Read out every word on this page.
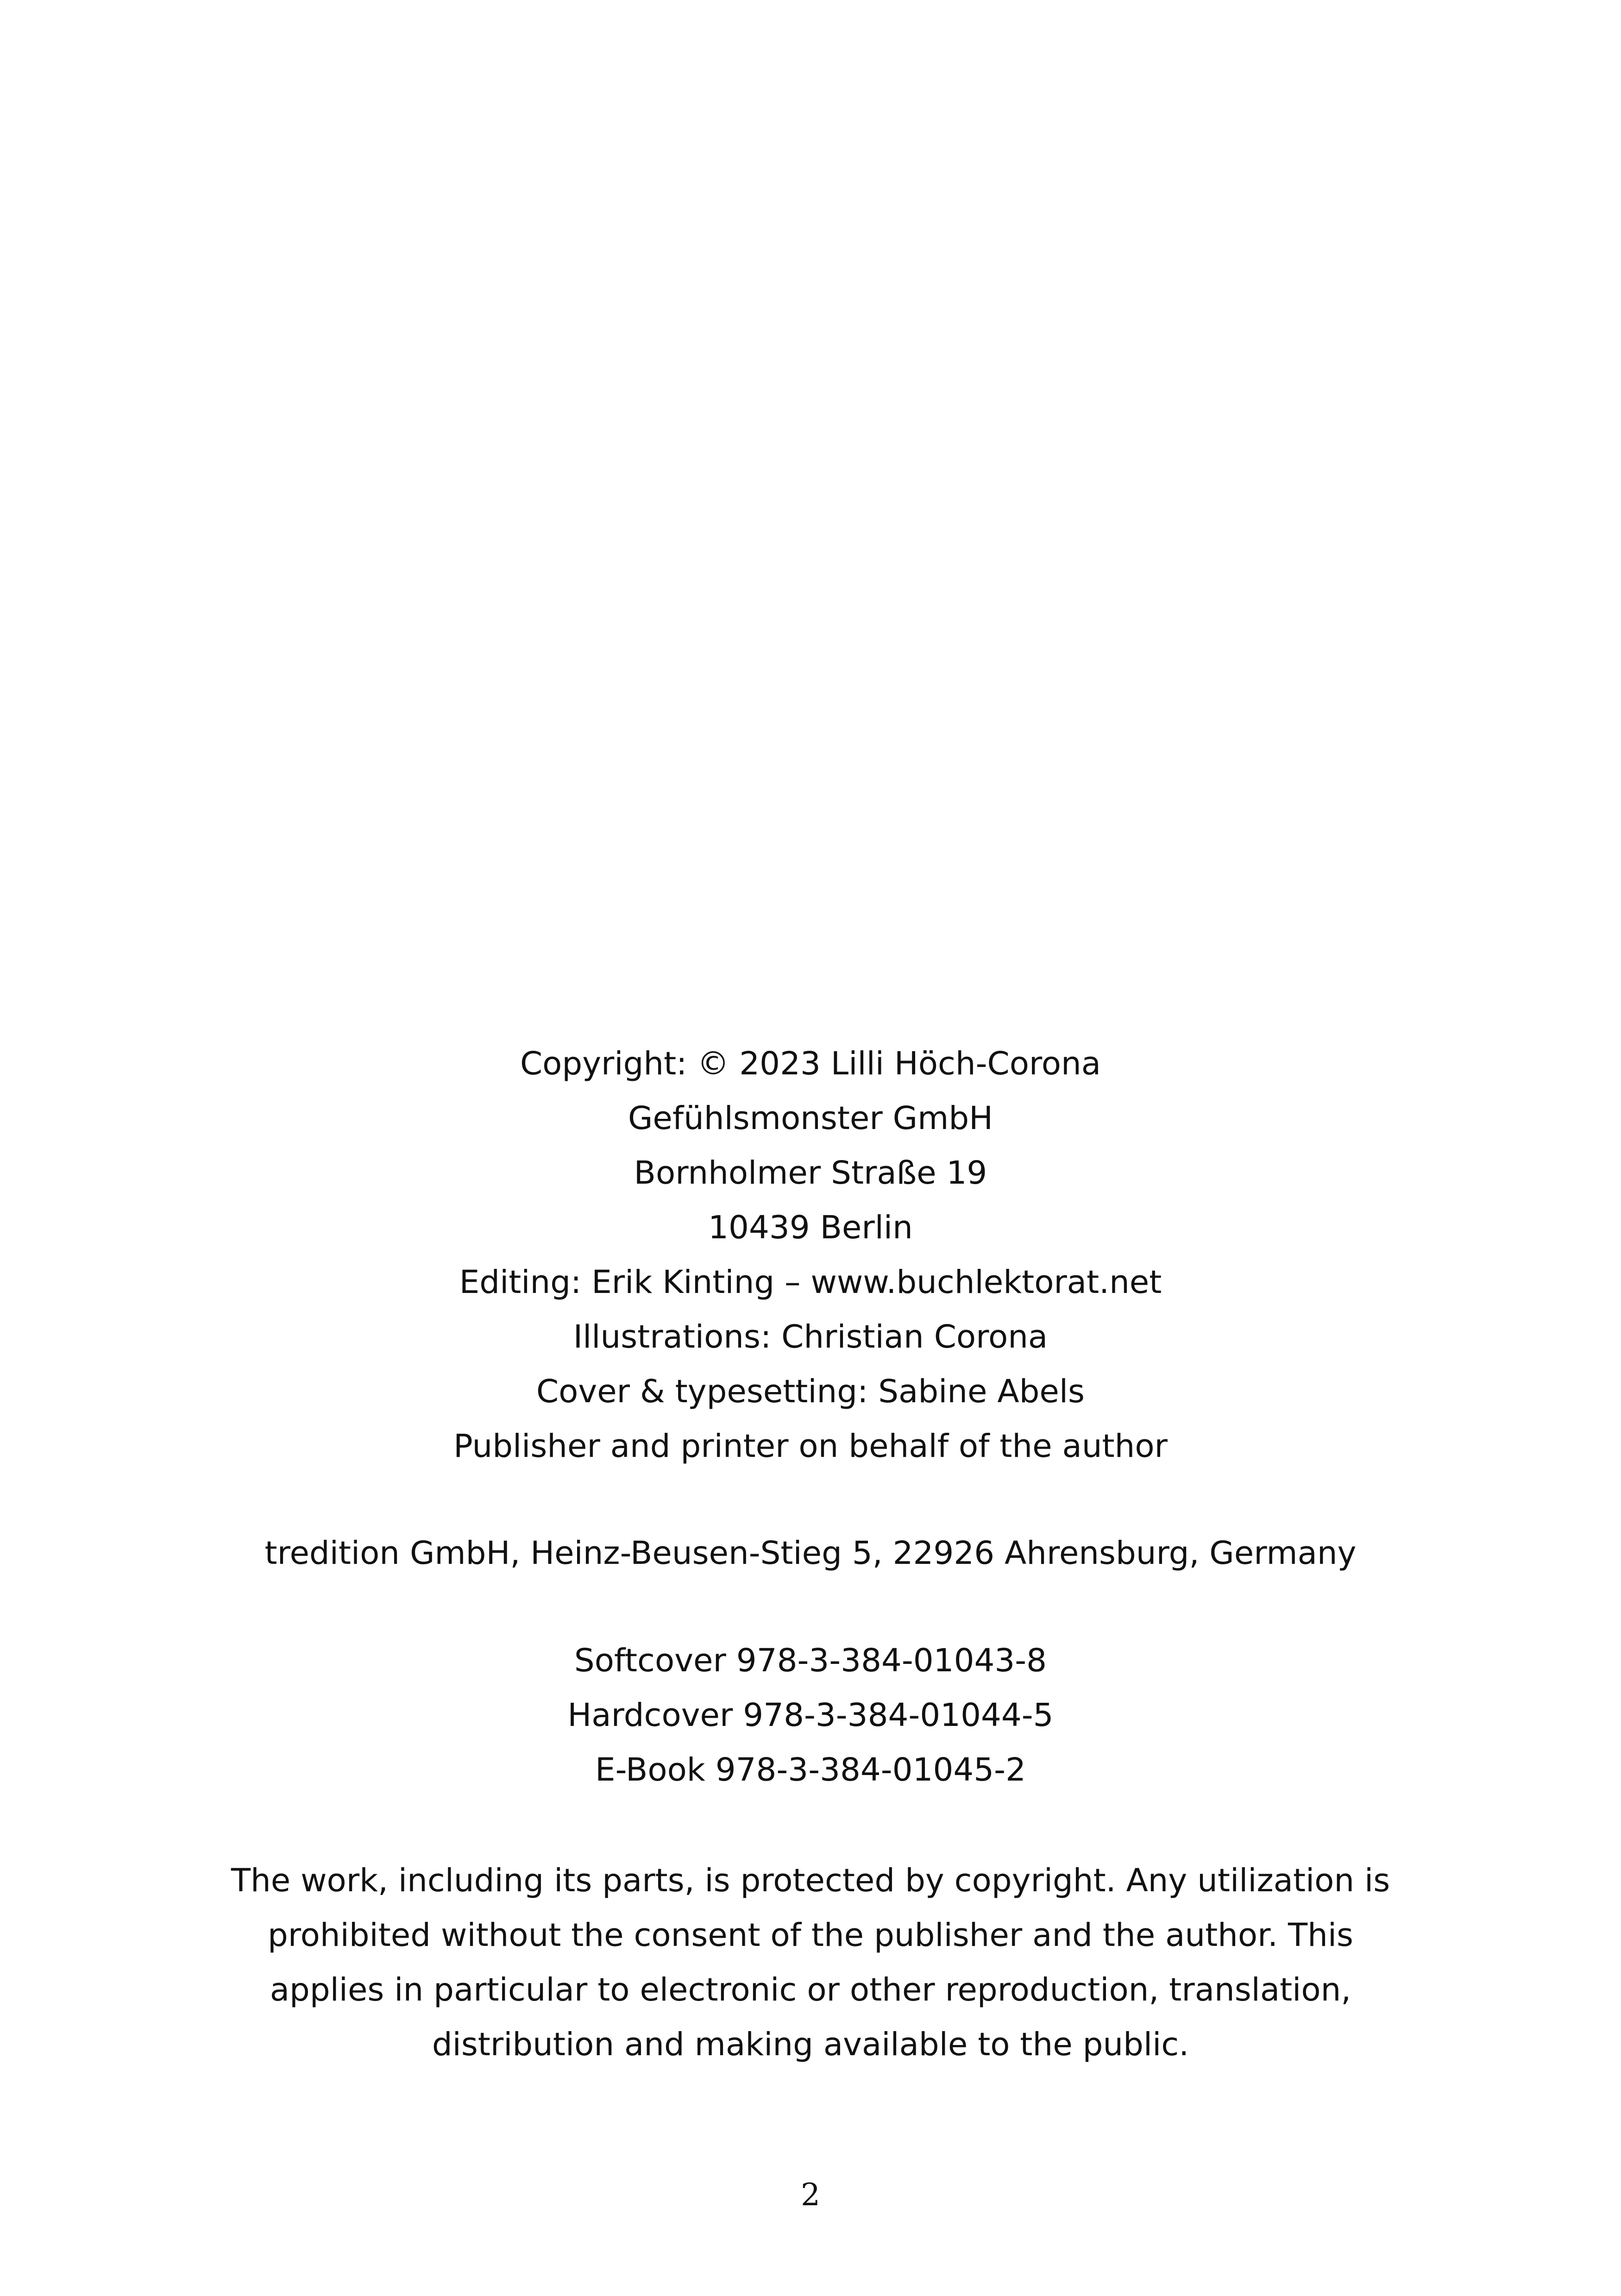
Copyright: © 2023 Lilli Höch-Corona
Gefühlsmonster GmbH
Bornholmer Straße 19
10439 Berlin
Editing: Erik Kinting – www.buchlektorat.net
Illustrations: Christian Corona
Cover & typesetting: Sabine Abels
Publisher and printer on behalf of the author
tredition GmbH, Heinz-Beusen-Stieg 5, 22926 Ahrensburg, Germany
Softcover 978-3-384-01043-8
Hardcover 978-3-384-01044-5
E-Book 978-3-384-01045-2
The work, including its parts, is protected by copyright. Any utilization is
prohibited without the consent of the publisher and the author. This
applies in particular to electronic or other reproduction, translation,
distribution and making available to the public.
2
